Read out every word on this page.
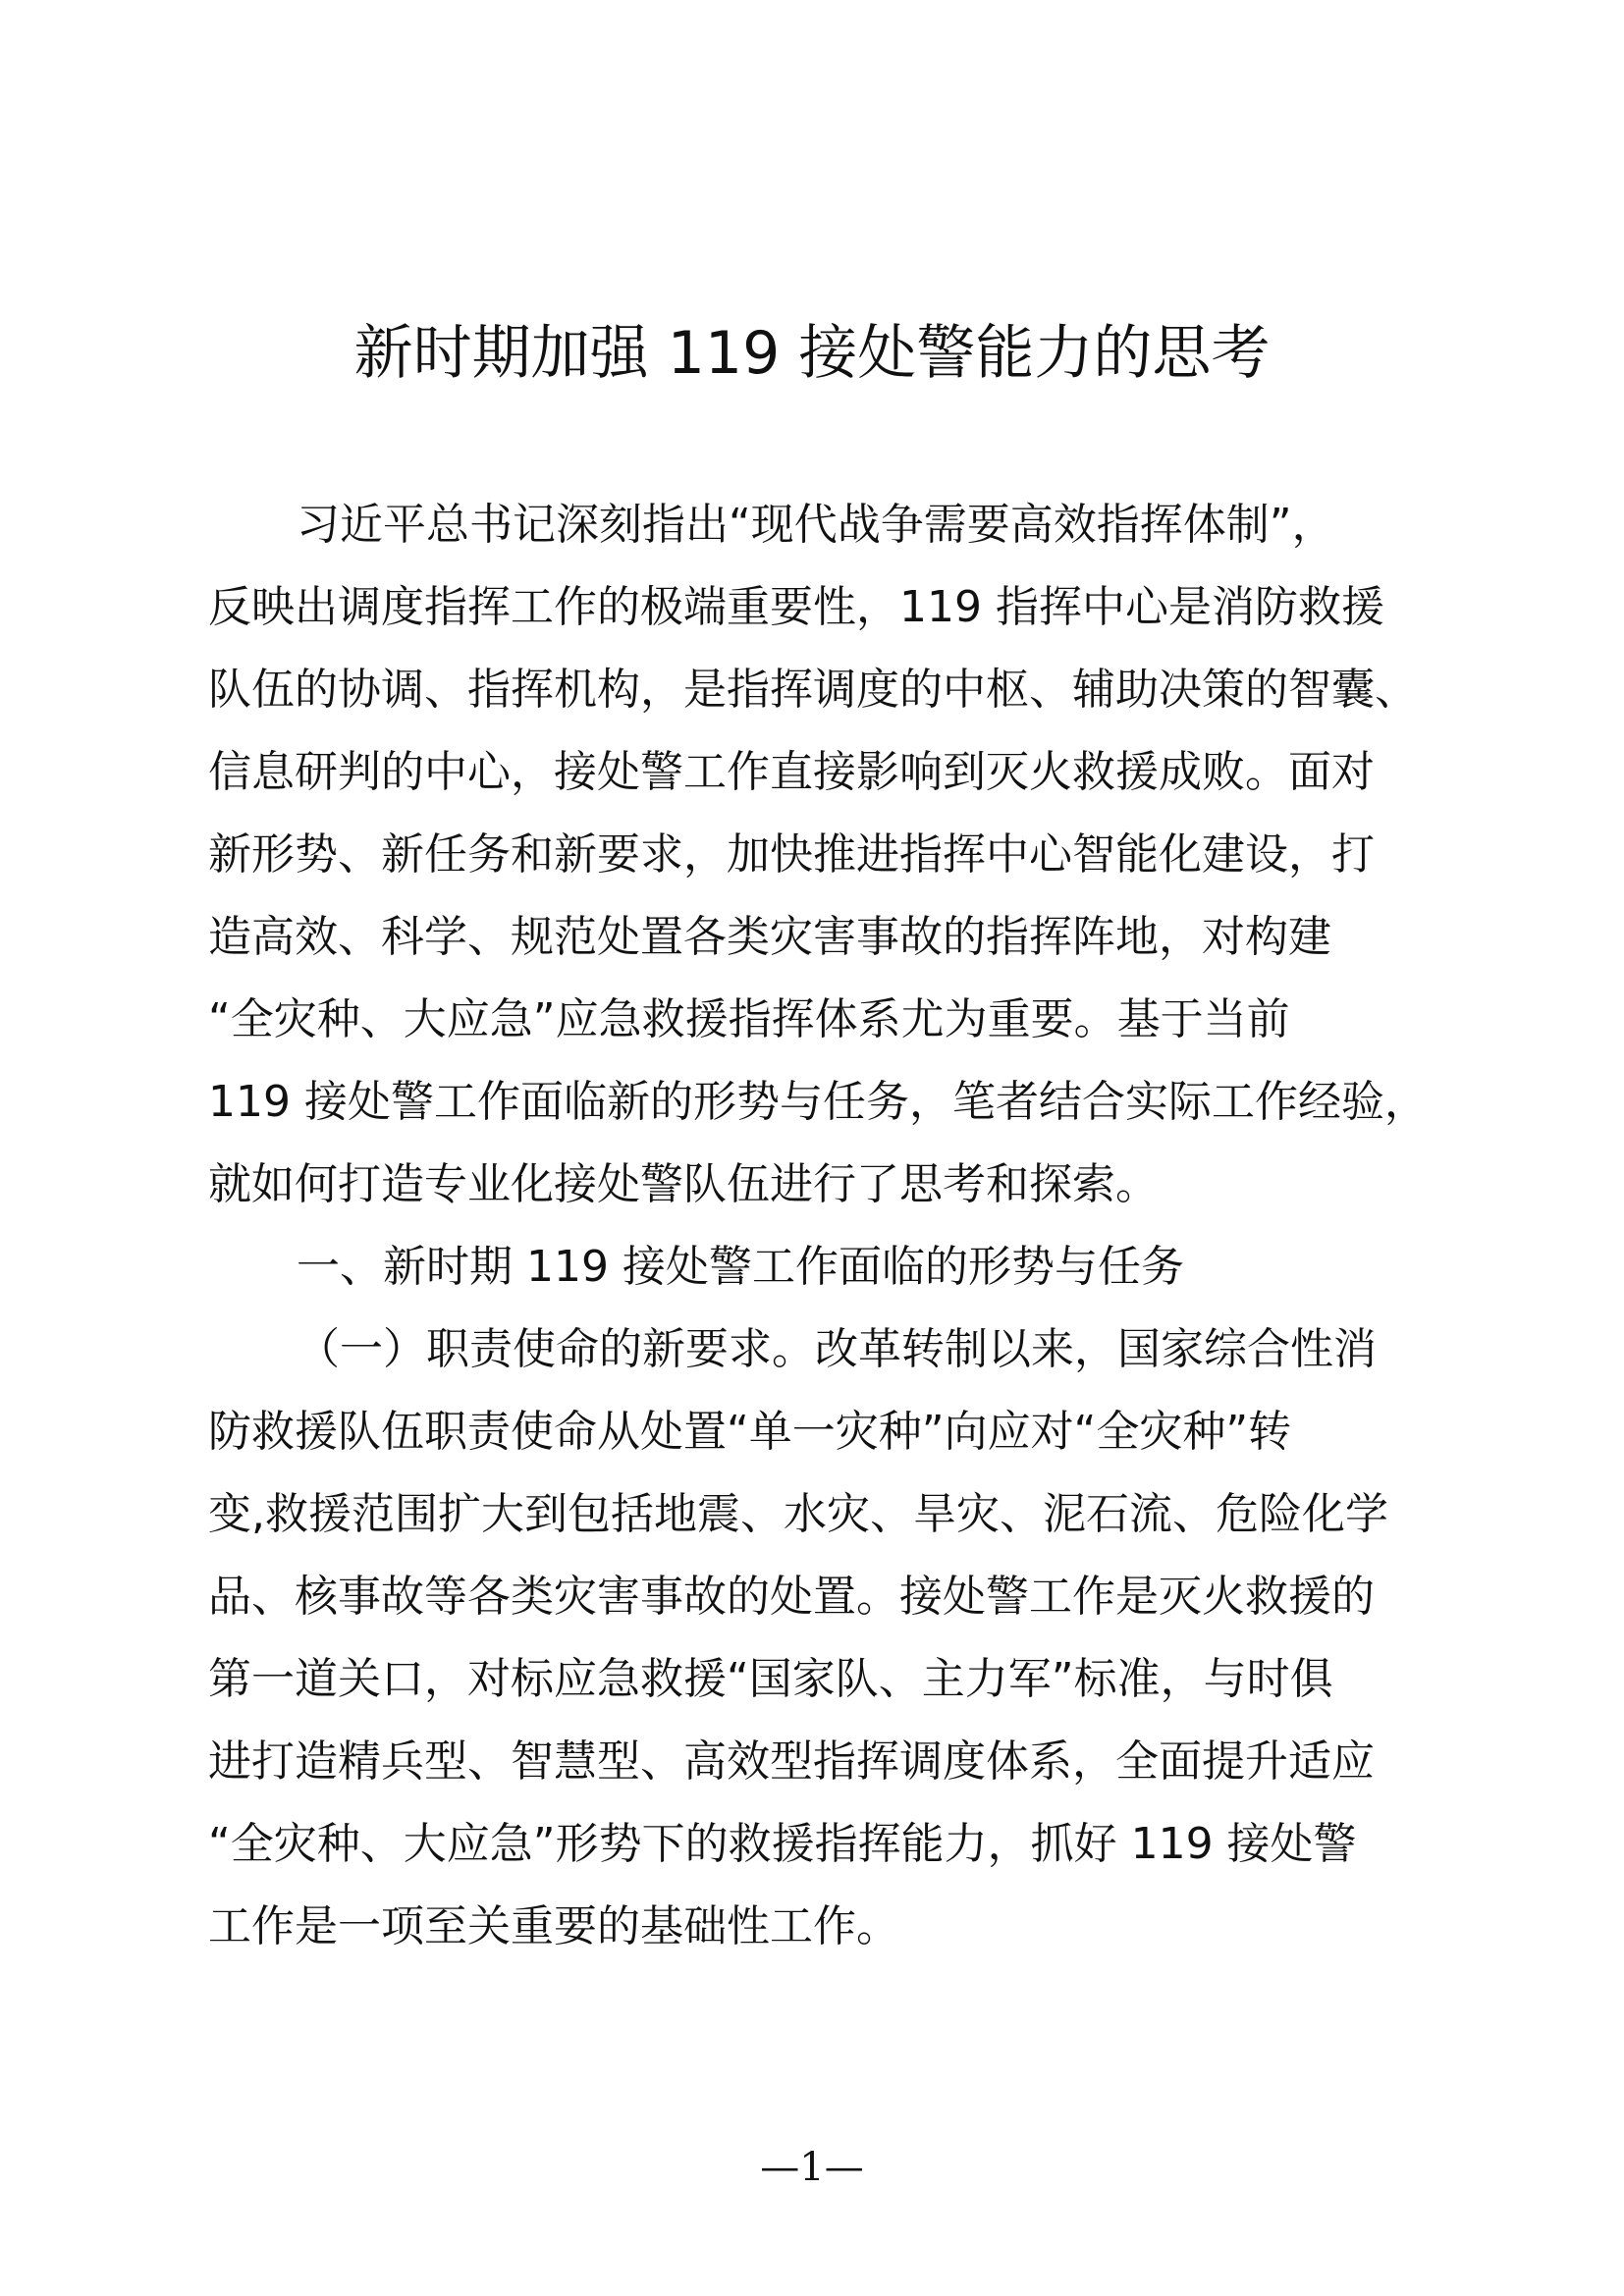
新时期加强 119 接处警能力的思考

习近平总书记深刻指出“现代战争需要高效指挥体制”，

反映出调度指挥工作的极端重要性，119 指挥中心是消防救援

队伍的协调、指挥机构，是指挥调度的中枢、辅助决策的智囊、

信息研判的中心，接处警工作直接影响到灭火救援成败。面对

新形势、新任务和新要求，加快推进指挥中心智能化建设，打

造高效、科学、规范处置各类灾害事故的指挥阵地，对构建

“全灾种、大应急”应急救援指挥体系尤为重要。基于当前

119 接处警工作面临新的形势与任务，笔者结合实际工作经验，

就如何打造专业化接处警队伍进行了思考和探索。

一、新时期 119 接处警工作面临的形势与任务

（一）职责使命的新要求。改革转制以来，国家综合性消

防救援队伍职责使命从处置“单一灾种”向应对“全灾种”转

变,救援范围扩大到包括地震、水灾、旱灾、泥石流、危险化学

品、核事故等各类灾害事故的处置。接处警工作是灭火救援的

第一道关口，对标应急救援“国家队、主力军”标准，与时俱

进打造精兵型、智慧型、高效型指挥调度体系，全面提升适应

“全灾种、大应急”形势下的救援指挥能力，抓好 119 接处警

工作是一项至关重要的基础性工作。

—1—
